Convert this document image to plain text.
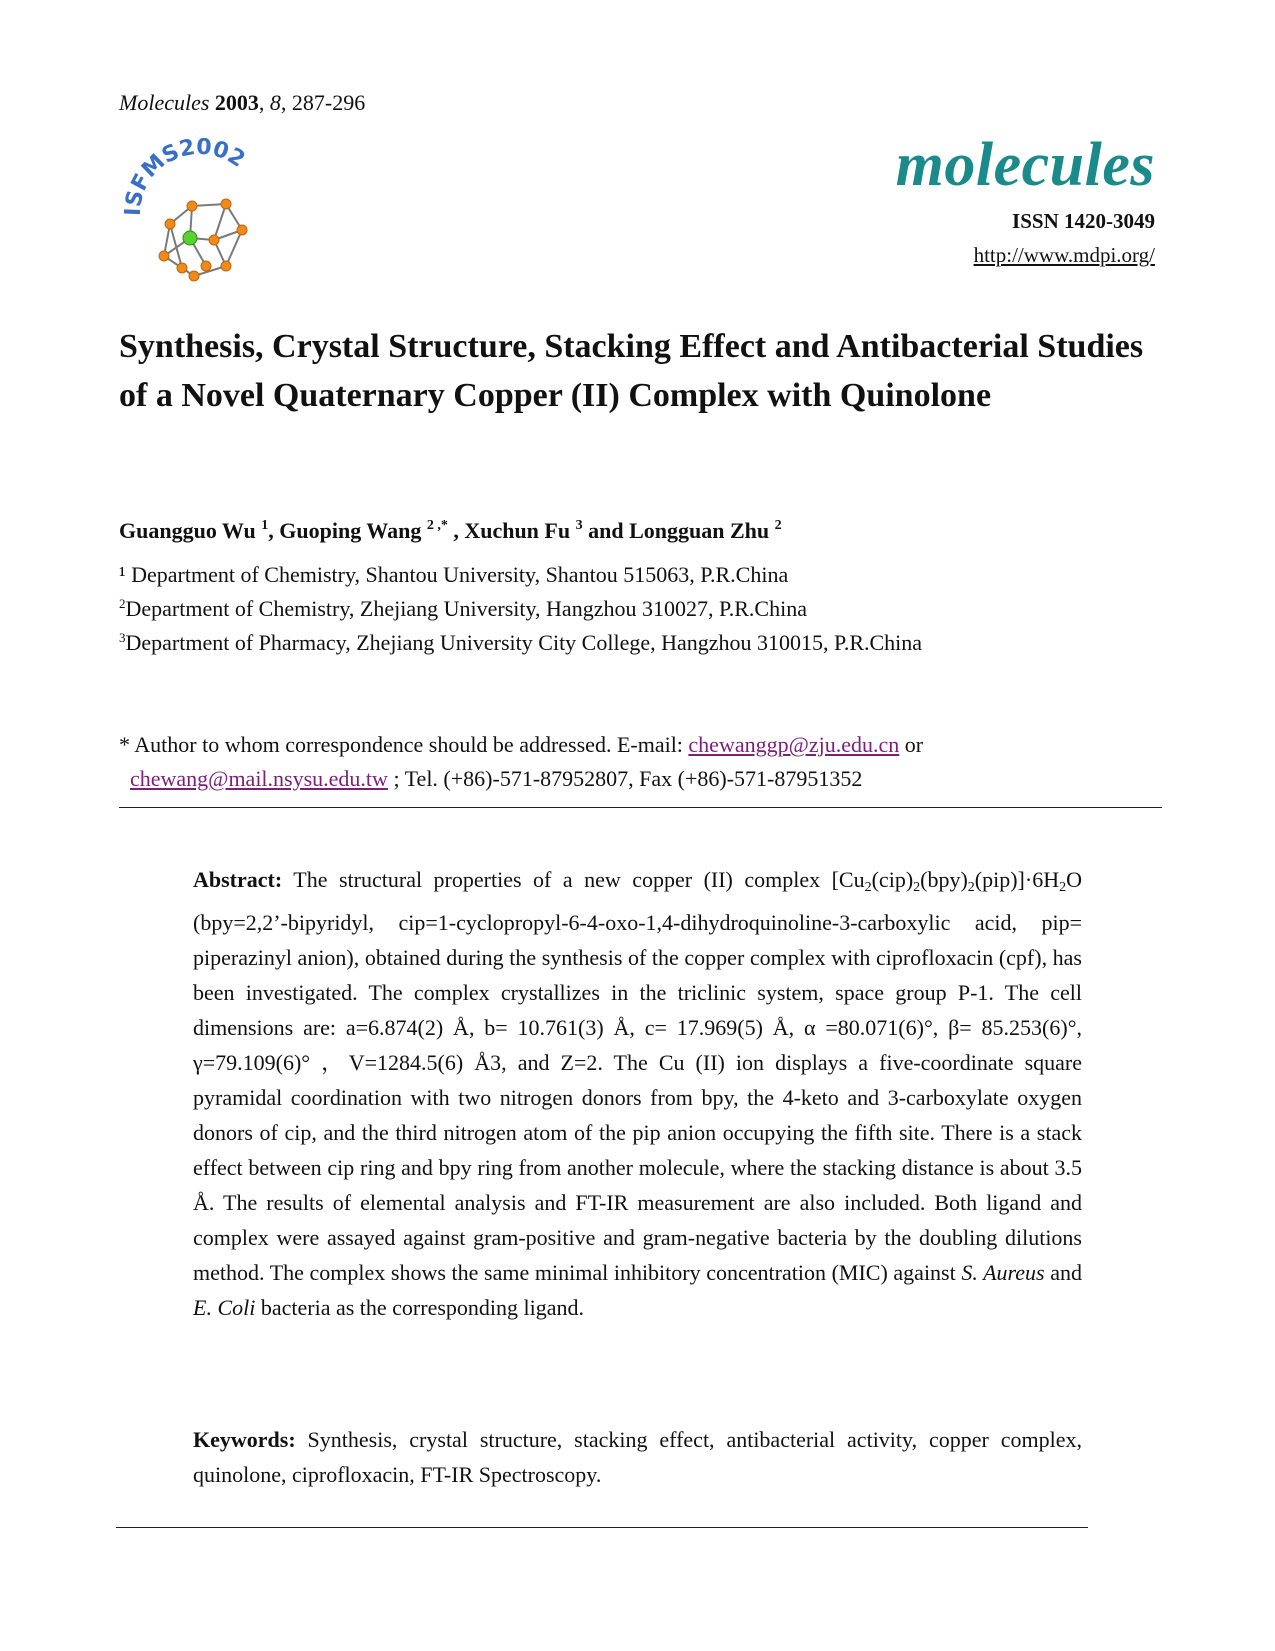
Molecules 2003, 8, 287-296
ISFMS2002	molecules
ISSN 1420-3049
http://www.mdpi.org/
Synthesis, Crystal Structure, Stacking Effect and Antibacterial Studies of a Novel Quaternary Copper (II) Complex with Quinolone
Guangguo Wu $^1$, Guoping Wang $^{2 ,*}$ , Xuchun Fu $^3$ and Longguan Zhu $^2$
¹ Department of Chemistry, Shantou University, Shantou 515063, P.R.China
$^2$Department of Chemistry, Zhejiang University, Hangzhou 310027, P.R.China
$^3$Department of Pharmacy, Zhejiang University City College, Hangzhou 310015, P.R.China
* Author to whom correspondence should be addressed. E-mail: chewanggp@zju.edu.cn or
chewang@mail.nsysu.edu.tw ; Tel. (+86)-571-87952807, Fax (+86)-571-87951352
Abstract: The structural properties of a new copper (II) complex $[Cu_2(cip)_2(bpy)_2(pip)]\cdot 6H_2O$ (bpy=2,2’-bipyridyl, cip=1-cyclopropyl-6-4-oxo-1,4-dihydroquinoline-3-carboxylic acid, pip= piperazinyl anion), obtained during the synthesis of the copper complex with ciprofloxacin (cpf), has been investigated. The complex crystallizes in the triclinic system, space group P-1. The cell dimensions are: a=6.874(2) Å, b= 10.761(3) Å, c= 17.969(5) Å, α =80.071(6)°, β= 85.253(6)°, γ=79.109(6)° ，V=1284.5(6) Å3, and Z=2. The Cu (II) ion displays a five-coordinate square pyramidal coordination with two nitrogen donors from bpy, the 4-keto and 3-carboxylate oxygen donors of cip, and the third nitrogen atom of the pip anion occupying the fifth site. There is a stack effect between cip ring and bpy ring from another molecule, where the stacking distance is about 3.5 Å. The results of elemental analysis and FT-IR measurement are also included. Both ligand and complex were assayed against gram-positive and gram-negative bacteria by the doubling dilutions method. The complex shows the same minimal inhibitory concentration (MIC) against S. Aureus and E. Coli bacteria as the corresponding ligand.
Keywords: Synthesis, crystal structure, stacking effect, antibacterial activity, copper complex, quinolone, ciprofloxacin, FT-IR Spectroscopy.
